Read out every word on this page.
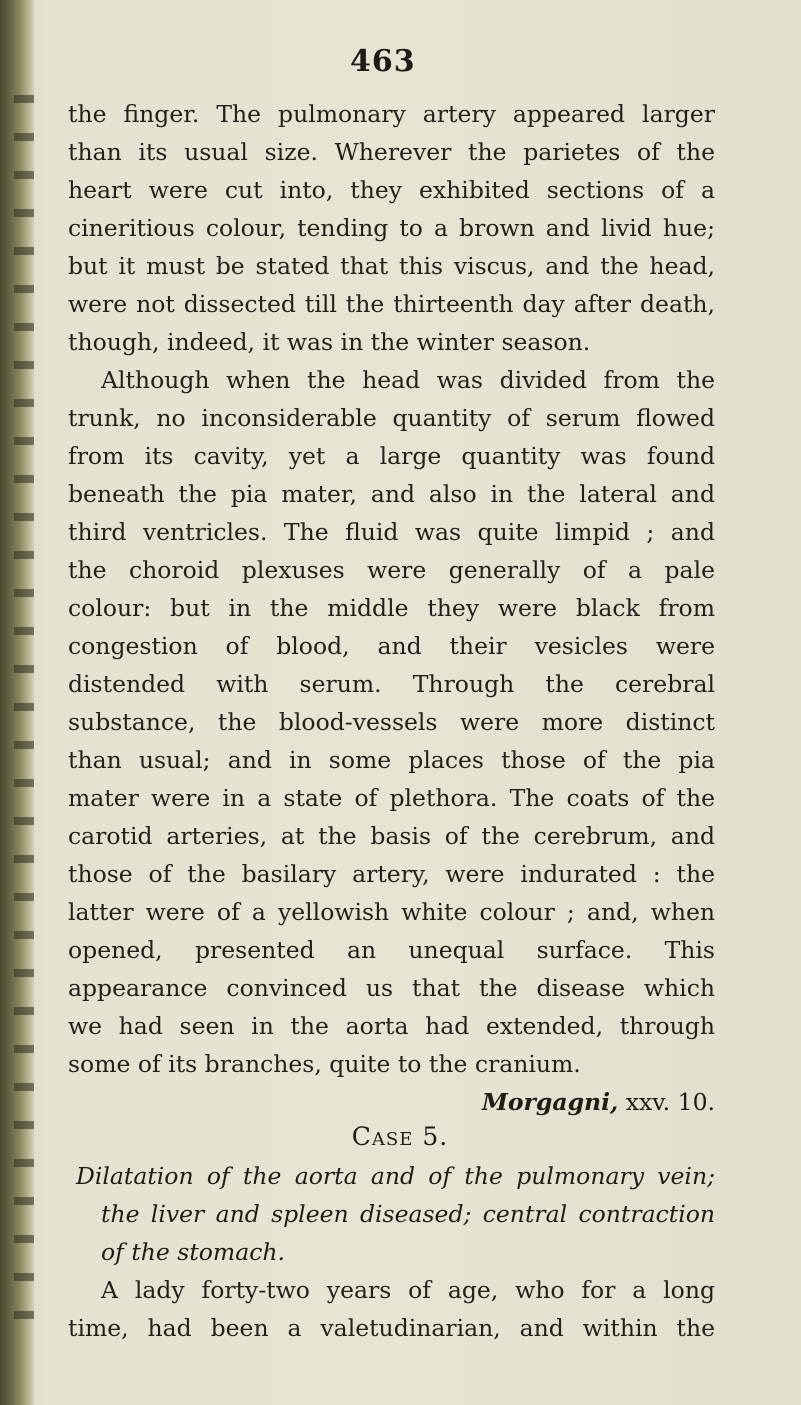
463
the finger. The pulmonary artery appeared larger
than its usual size. Wherever the parietes of the
heart were cut into, they exhibited sections of a
cineritious colour, tending to a brown and livid hue;
but it must be stated that this viscus, and the head,
were not dissected till the thirteenth day after death,
though, indeed, it was in the winter season.
Although when the head was divided from the
trunk, no inconsiderable quantity of serum flowed
from its cavity, yet a large quantity was found
beneath the pia mater, and also in the lateral and
third ventricles. The fluid was quite limpid ; and
the choroid plexuses were generally of a pale
colour: but in the middle they were black from
congestion of blood, and their vesicles were
distended with serum. Through the cerebral
substance, the blood-vessels were more distinct
than usual; and in some places those of the pia
mater were in a state of plethora. The coats of the
carotid arteries, at the basis of the cerebrum, and
those of the basilary artery, were indurated : the
latter were of a yellowish white colour ; and, when
opened, presented an unequal surface. This
appearance convinced us that the disease which
we had seen in the aorta had extended, through
some of its branches, quite to the cranium.
Morgagni, xxv. 10.
Case 5.
Dilatation of the aorta and of the pulmonary vein;
the liver and spleen diseased; central contraction
of the stomach.
A lady forty-two years of age, who for a long
time, had been a valetudinarian, and within the
